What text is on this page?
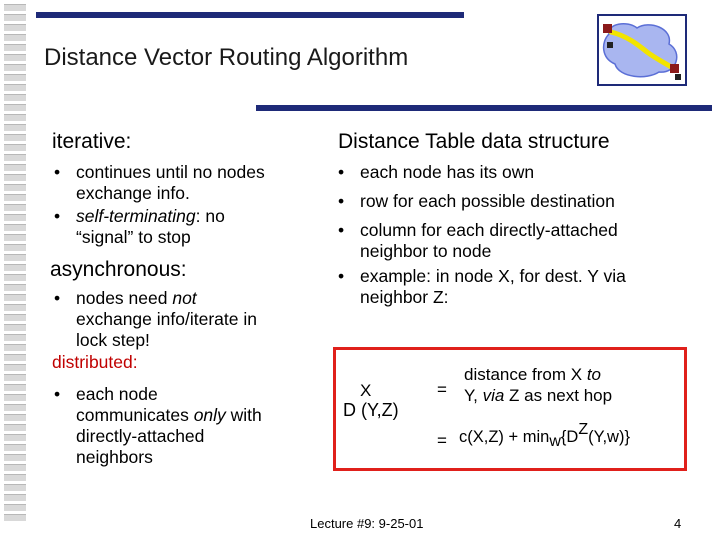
Distance Vector Routing Algorithm
iterative:
• continues until no nodes
exchange info.
• self-terminating: no
“signal” to stop
asynchronous:
• nodes need not
exchange info/iterate in
lock step!
distributed:
• each node
communicates only with
directly-attached
neighbors
Distance Table data structure
• each node has its own
• row for each possible destination
• column for each directly-attached
neighbor to node
• example: in node X, for dest. Y via
neighbor Z:
X
D (Y,Z)
=
distance from X to
Y, via Z as next hop
= $c(X,Z) + \min_w\{D^Z(Y,w)\}$
Lecture #9: 9-25-01	4
